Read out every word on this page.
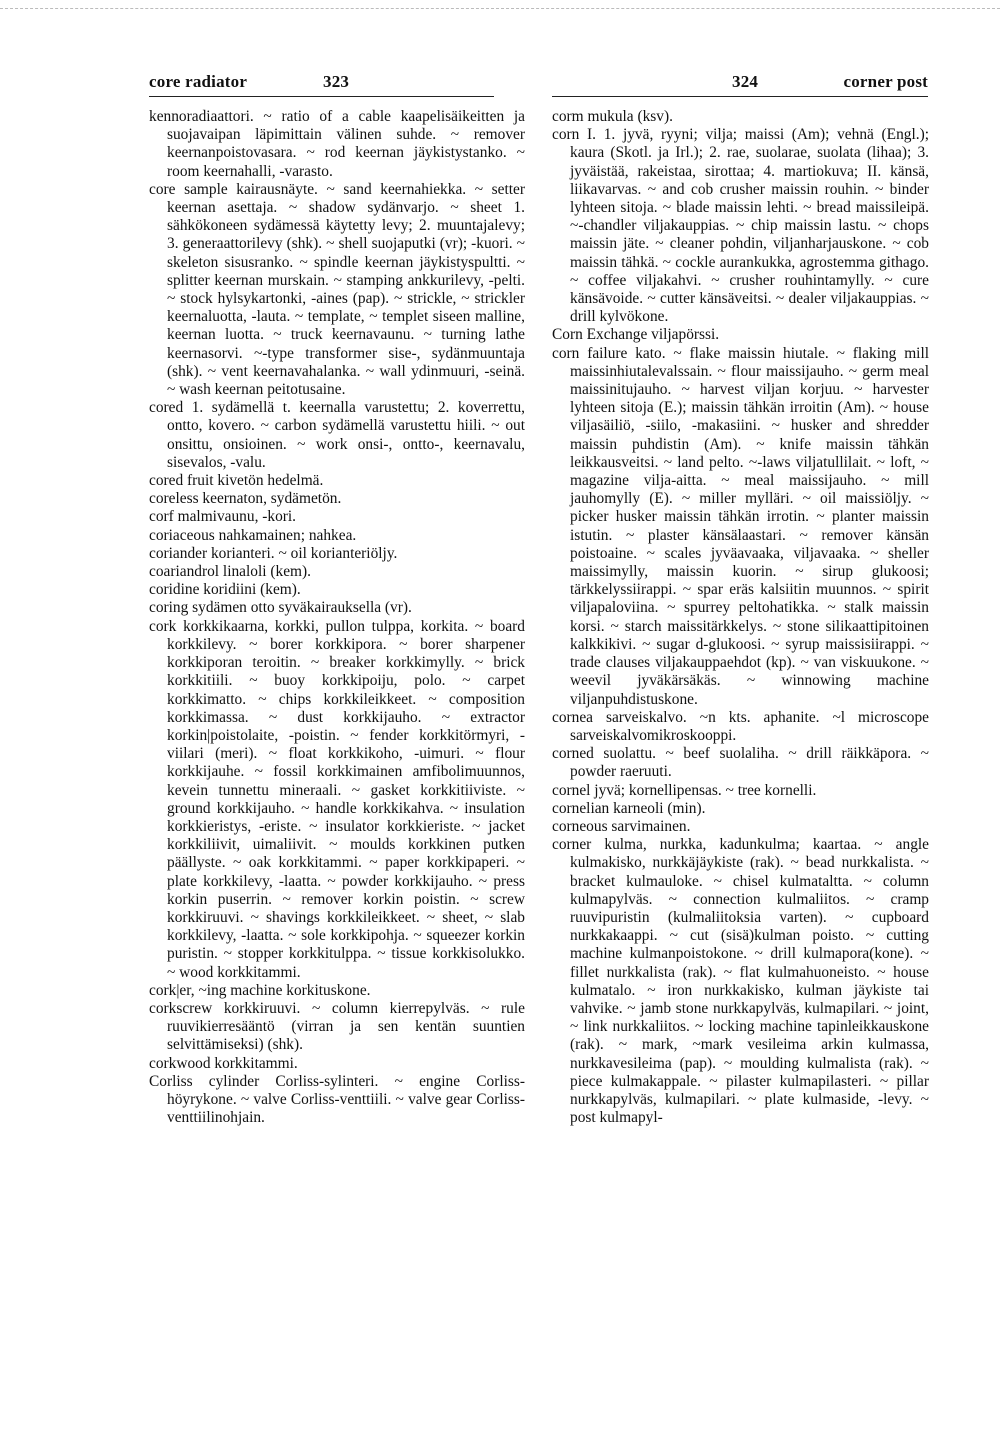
core radiator	323	324	corner post

kennoradiaattori. ~ ratio of a cable kaapelisäikeitten ja suojavaipan läpimittain välinen suhde. ~ remover keernanpoistovasara. ~ rod keernan jäykistystanko. ~ room keernahalli, -varasto.

core sample kairausnäyte. ~ sand keernahiekka. ~ setter keernan asettaja. ~ shadow sydänvarjo. ~ sheet 1. sähkökoneen sydämessä käytetty levy; 2. muuntajalevy; 3. generaattorilevy (shk). ~ shell suojaputki (vr); -kuori. ~ skeleton sisusranko. ~ spindle keernan jäykistyspultti. ~ splitter keernan murskain. ~ stamping ankkurilevy, -pelti. ~ stock hylsykartonki, -aines (pap). ~ strickle, ~ strickler keernaluotta, -lauta. ~ template, ~ templet siseen malline, keernan luotta. ~ truck keernavaunu. ~ turning lathe keernasorvi. ~-type transformer sise-, sydänmuuntaja (shk). ~ vent keernavahalanka. ~ wall ydinmuuri, -seinä. ~ wash keernan peitotusaine.

cored 1. sydämellä t. keernalla varustettu; 2. koverrettu, ontto, kovero. ~ carbon sydämellä varustettu hiili. ~ out onsittu, onsioinen. ~ work onsi-, ontto-, keernavalu, sisevalos, -valu.

cored fruit kivetön hedelmä.

coreless keernaton, sydämetön.

corf malmivaunu, -kori.

coriaceous nahkamainen; nahkea.

coriander korianteri. ~ oil korianteriöljy.

coariandrol linaloli (kem).

coridine koridiini (kem).

coring sydämen otto syväkairauksella (vr).

cork korkkikaarna, korkki, pullon tulppa, korkita. ~ board korkkilevy. ~ borer korkkipora. ~ borer sharpener korkkiporan teroitin. ~ breaker korkkimylly. ~ brick korkkitiili. ~ buoy korkkipoiju, polo. ~ carpet korkkimatto. ~ chips korkkileikkeet. ~ composition korkkimassa. ~ dust korkkijauho. ~ extractor korkin|poistolaite, -poistin. ~ fender korkkitörmyri, -viilari (meri). ~ float korkkikoho, -uimuri. ~ flour korkkijauhe. ~ fossil korkkimainen amfibolimuunnos, kevein tunnettu mineraali. ~ gasket korkkitiiviste. ~ ground korkkijauho. ~ handle korkkikahva. ~ insulation korkkieristys, -eriste. ~ insulator korkkieriste. ~ jacket korkkiliivit, uimaliivit. ~ moulds korkkinen putken päällyste. ~ oak korkkitammi. ~ paper korkkipaperi. ~ plate korkkilevy, -laatta. ~ powder korkkijauho. ~ press korkin puserrin. ~ remover korkin poistin. ~ screw korkkiruuvi. ~ shavings korkkileikkeet. ~ sheet, ~ slab korkkilevy, -laatta. ~ sole korkkipohja. ~ squeezer korkin puristin. ~ stopper korkkitulppa. ~ tissue korkkisolukko. ~ wood korkkitammi.

cork|er, ~ing machine korkituskone.

corkscrew korkkiruuvi. ~ column kierrepylväs. ~ rule ruuvikierresääntö (virran ja sen kentän suuntien selvittämiseksi) (shk).

corkwood korkkitammi.

Corliss cylinder Corliss-sylinteri. ~ engine Corliss-höyrykone. ~ valve Corliss-venttiili. ~ valve gear Corliss-venttiilinohjain.

corm mukula (ksv).

corn I. 1. jyvä, ryyni; vilja; maissi (Am); vehnä (Engl.); kaura (Skotl. ja Irl.); 2. rae, suolarae, suolata (lihaa); 3. jyväistää, rakeistaa, sirottaa; 4. martiokuva; II. känsä, liikavarvas. ~ and cob crusher maissin rouhin. ~ binder lyhteen sitoja. ~ blade maissin lehti. ~ bread maissileipä. ~-chandler viljakauppias. ~ chip maissin lastu. ~ chops maissin jäte. ~ cleaner pohdin, viljanharjauskone. ~ cob maissin tähkä. ~ cockle aurankukka, agrostemma githago. ~ coffee viljakahvi. ~ crusher rouhintamylly. ~ cure känsävoide. ~ cutter känsäveitsi. ~ dealer viljakauppias. ~ drill kylvökone.

Corn Exchange viljapörssi.

corn failure kato. ~ flake maissin hiutale. ~ flaking mill maissinhiutalevalssain. ~ flour maissijauho. ~ germ meal maissinitujauho. ~ harvest viljan korjuu. ~ harvester lyhteen sitoja (E.); maissin tähkän irroitin (Am). ~ house viljasäiliö, -siilo, -makasiini. ~ husker and shredder maissin puhdistin (Am). ~ knife maissin tähkän leikkausveitsi. ~ land pelto. ~-laws viljatullilait. ~ loft, ~ magazine vilja-aitta. ~ meal maissijauho. ~ mill jauhomylly (E). ~ miller mylläri. ~ oil maissiöljy. ~ picker husker maissin tähkän irrotin. ~ planter maissin istutin. ~ plaster känsälaastari. ~ remover känsän poistoaine. ~ scales jyväavaaka, viljavaaka. ~ sheller maissimylly, maissin kuorin. ~ sirup glukoosi; tärkkelyssiirappi. ~ spar eräs kalsiitin muunnos. ~ spirit viljapaloviina. ~ spurrey peltohatikka. ~ stalk maissin korsi. ~ starch maissitärkkelys. ~ stone silikaattipitoinen kalkkikivi. ~ sugar d-glukoosi. ~ syrup maissisiirappi. ~ trade clauses viljakauppaehdot (kp). ~ van viskuukone. ~ weevil jyväkärsäkäs. ~ winnowing machine viljanpuhdistuskone.

cornea sarveiskalvo. ~n kts. aphanite. ~l microscope sarveiskalvomikroskooppi.

corned suolattu. ~ beef suolaliha. ~ drill räikkäpora. ~ powder raeruuti.

cornel jyvä; kornellipensas. ~ tree kornelli.

cornelian karneoli (min).

corneous sarvimainen.

corner kulma, nurkka, kadunkulma; kaartaa. ~ angle kulmakisko, nurkkäjäykiste (rak). ~ bead nurkkalista. ~ bracket kulmauloke. ~ chisel kulmataltta. ~ column kulmapylväs. ~ connection kulmaliitos. ~ cramp ruuvipuristin (kulmaliitoksia varten). ~ cupboard nurkkakaappi. ~ cut (sisä)kulman poisto. ~ cutting machine kulmanpoistokone. ~ drill kulmapora(kone). ~ fillet nurkkalista (rak). ~ flat kulmahuoneisto. ~ house kulmatalo. ~ iron nurkkakisko, kulman jäykiste tai vahvike. ~ jamb stone nurkkapylväs, kulmapilari. ~ joint, ~ link nurkkaliitos. ~ locking machine tapinleikkauskone (rak). ~ mark, ~mark vesileima arkin kulmassa, nurkkavesileima (pap). ~ moulding kulmalista (rak). ~ piece kulmakappale. ~ pilaster kulmapilasteri. ~ pillar nurkkapylväs, kulmapilari. ~ plate kulmaside, -levy. ~ post kulmapyl-
